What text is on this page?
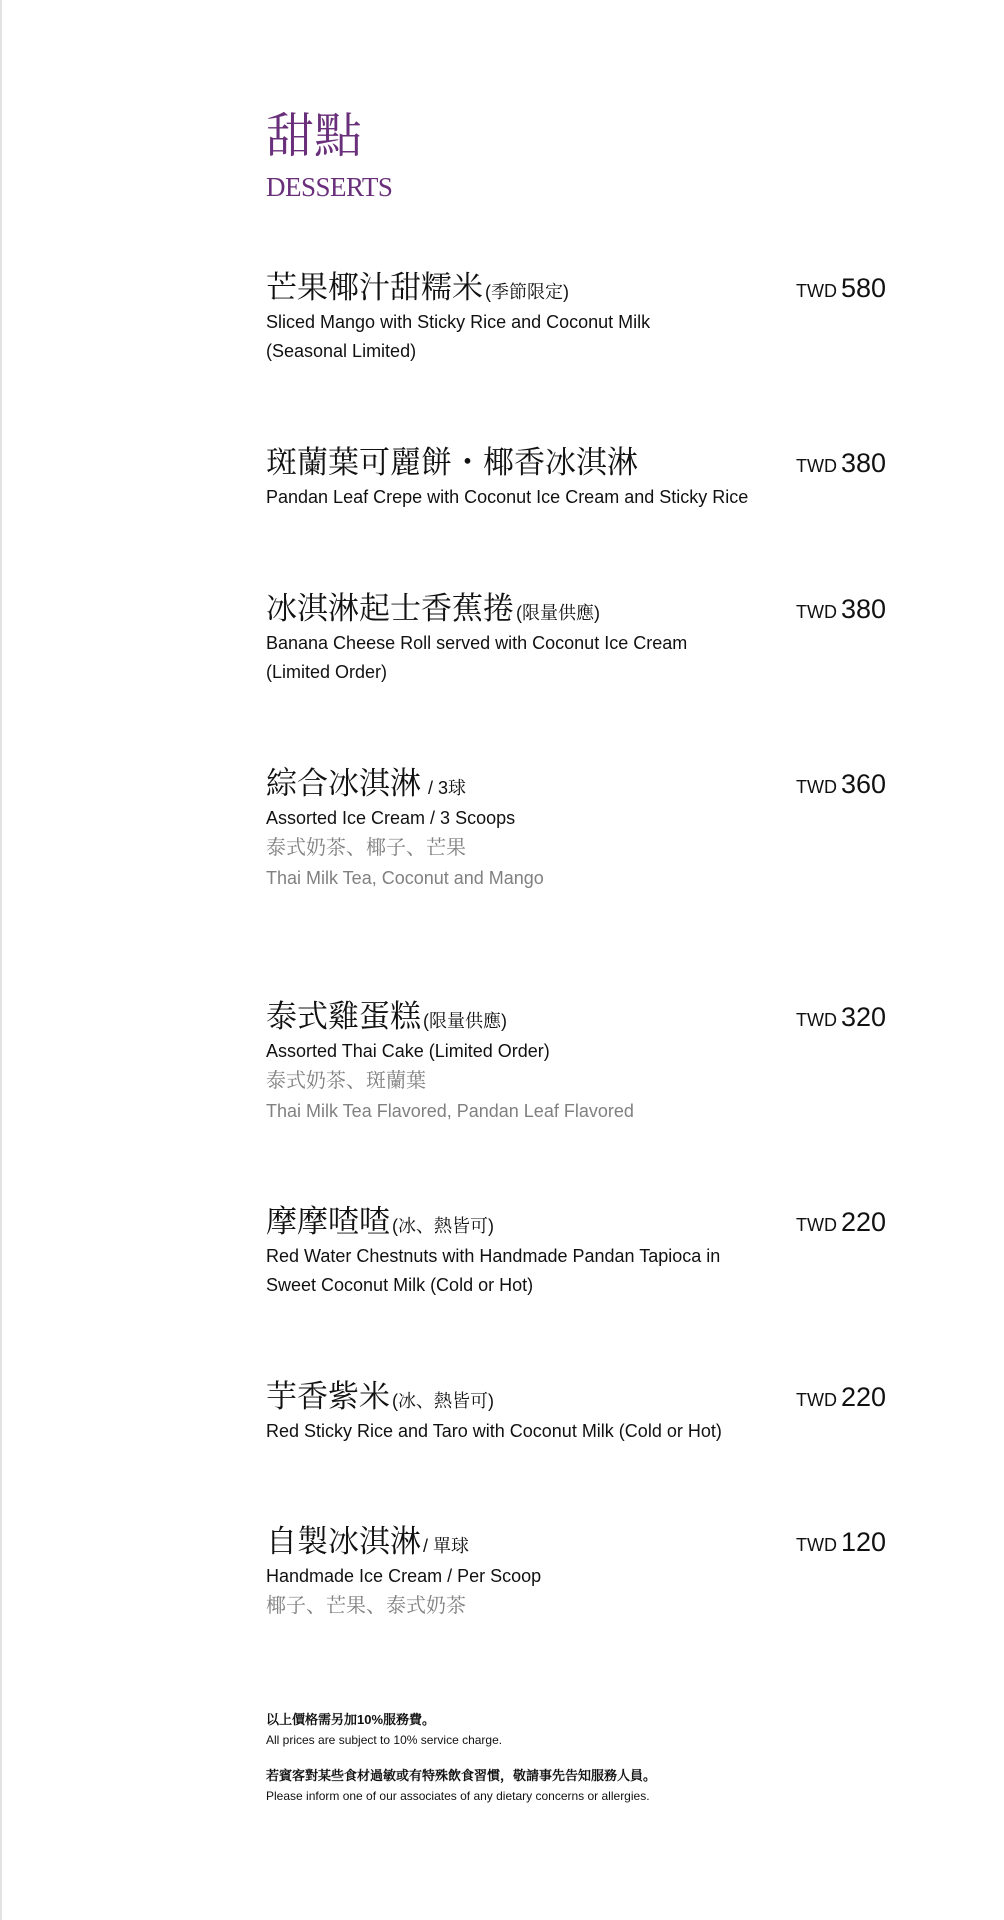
甜點
DESSERTS
芒果椰汁甜糯米 (季節限定)	TWD 580
Sliced Mango with Sticky Rice and Coconut Milk
(Seasonal Limited)
斑蘭葉可麗餅・椰香冰淇淋	TWD 380
Pandan Leaf Crepe with Coconut Ice Cream and Sticky Rice
冰淇淋起士香蕉捲 (限量供應)	TWD 380
Banana Cheese Roll served with Coconut Ice Cream
(Limited Order)
綜合冰淇淋 / 3球	TWD 360
Assorted Ice Cream / 3 Scoops
泰式奶茶、椰子、芒果
Thai Milk Tea, Coconut and Mango
泰式雞蛋糕 (限量供應)	TWD 320
Assorted Thai Cake (Limited Order)
泰式奶茶、斑蘭葉
Thai Milk Tea Flavored, Pandan Leaf Flavored
摩摩喳喳 (冰、熱皆可)	TWD 220
Red Water Chestnuts with Handmade Pandan Tapioca in
Sweet Coconut Milk (Cold or Hot)
芋香紫米 (冰、熱皆可)	TWD 220
Red Sticky Rice and Taro with Coconut Milk (Cold or Hot)
自製冰淇淋 / 單球	TWD 120
Handmade Ice Cream / Per Scoop
椰子、芒果、泰式奶茶
以上價格需另加10%服務費。
All prices are subject to 10% service charge.
若賓客對某些食材過敏或有特殊飲食習慣，敬請事先告知服務人員。
Please inform one of our associates of any dietary concerns or allergies.
